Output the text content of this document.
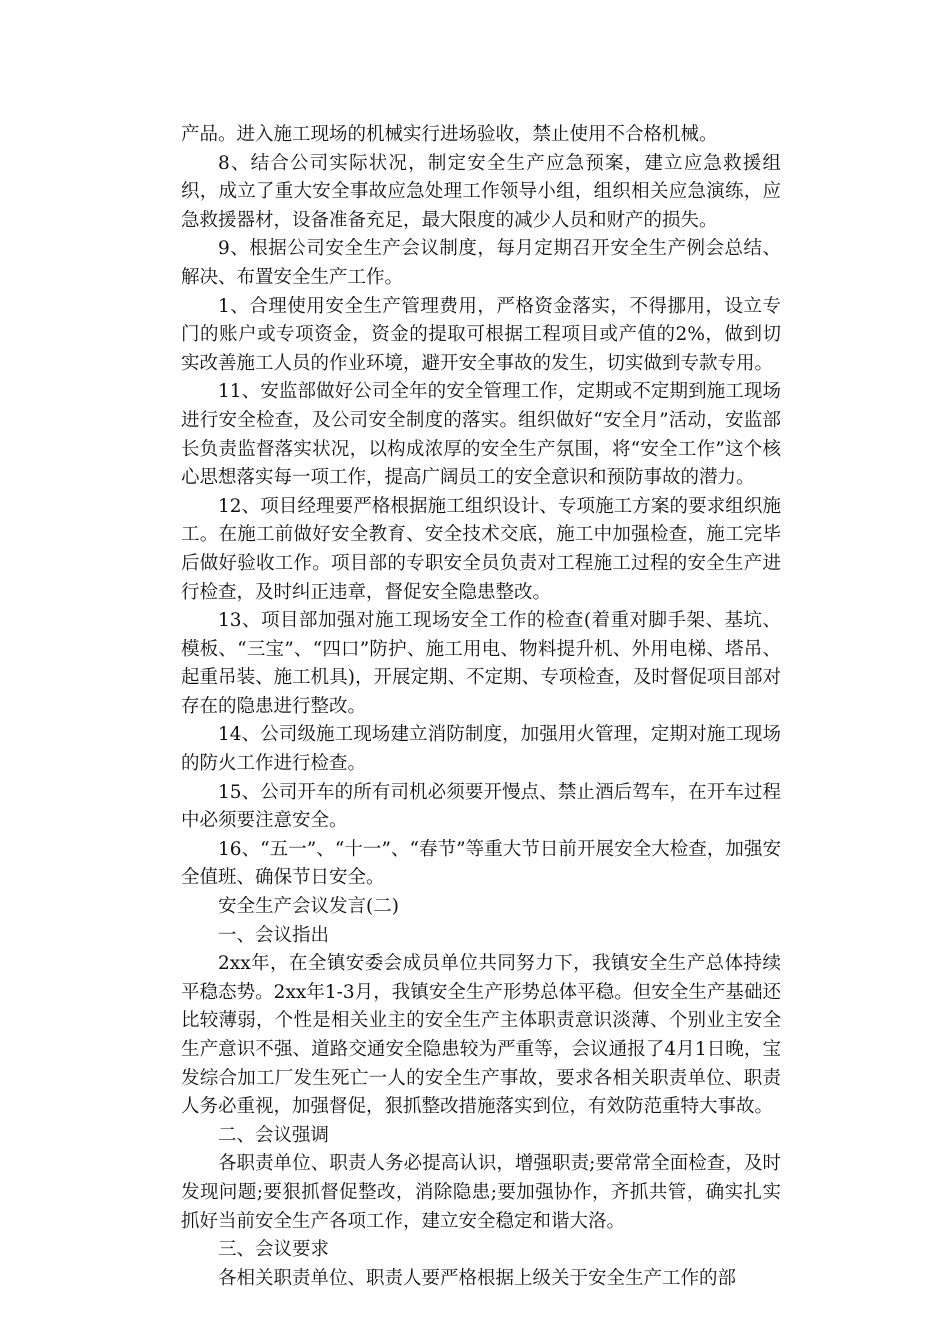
产品。进入施工现场的机械实行进场验收，禁止使用不合格机械。

8、结合公司实际状况，制定安全生产应急预案，建立应急救援组织，成立了重大安全事故应急处理工作领导小组，组织相关应急演练，应急救援器材，设备准备充足，最大限度的减少人员和财产的损失。

9、根据公司安全生产会议制度，每月定期召开安全生产例会总结、解决、布置安全生产工作。

1、合理使用安全生产管理费用，严格资金落实，不得挪用，设立专门的账户或专项资金，资金的提取可根据工程项目或产值的2%，做到切实改善施工人员的作业环境，避开安全事故的发生，切实做到专款专用。

11、安监部做好公司全年的安全管理工作，定期或不定期到施工现场进行安全检查，及公司安全制度的落实。组织做好“安全月”活动，安监部长负责监督落实状况，以构成浓厚的安全生产氛围，将“安全工作”这个核心思想落实每一项工作，提高广阔员工的安全意识和预防事故的潜力。

12、项目经理要严格根据施工组织设计、专项施工方案的要求组织施工。在施工前做好安全教育、安全技术交底，施工中加强检查，施工完毕后做好验收工作。项目部的专职安全员负责对工程施工过程的安全生产进行检查，及时纠正违章，督促安全隐患整改。

13、项目部加强对施工现场安全工作的检查(着重对脚手架、基坑、模板、“三宝”、“四口”防护、施工用电、物料提升机、外用电梯、塔吊、起重吊装、施工机具)，开展定期、不定期、专项检查，及时督促项目部对存在的隐患进行整改。

14、公司级施工现场建立消防制度，加强用火管理，定期对施工现场的防火工作进行检查。

15、公司开车的所有司机必须要开慢点、禁止酒后驾车，在开车过程中必须要注意安全。

16、“五一”、“十一”、“春节”等重大节日前开展安全大检查，加强安全值班、确保节日安全。

安全生产会议发言(二)

一、会议指出

2xx年，在全镇安委会成员单位共同努力下，我镇安全生产总体持续平稳态势。2xx年1-3月，我镇安全生产形势总体平稳。但安全生产基础还比较薄弱，个性是相关业主的安全生产主体职责意识淡薄、个别业主安全生产意识不强、道路交通安全隐患较为严重等，会议通报了4月1日晚，宝发综合加工厂发生死亡一人的安全生产事故，要求各相关职责单位、职责人务必重视，加强督促，狠抓整改措施落实到位，有效防范重特大事故。

二、会议强调

各职责单位、职责人务必提高认识，增强职责;要常常全面检查，及时发现问题;要狠抓督促整改，消除隐患;要加强协作，齐抓共管，确实扎实抓好当前安全生产各项工作，建立安全稳定和谐大洛。

三、会议要求

各相关职责单位、职责人要严格根据上级关于安全生产工作的部
